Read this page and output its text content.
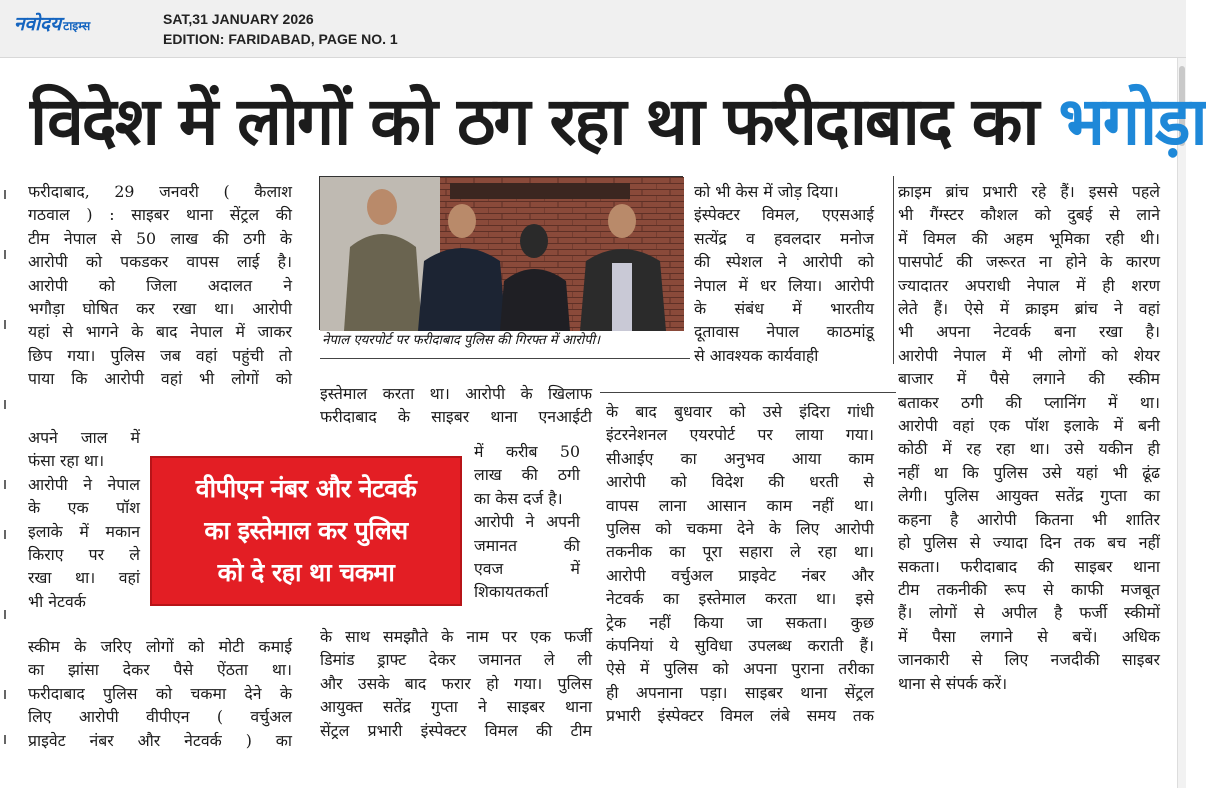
नवोदय टाइम्स	SAT,31 JANUARY 2026
EDITION: FARIDABAD, PAGE NO. 1
विदेश में लोगों को ठग रहा था फरीदाबाद का भगोड़ा

फरीदाबाद, 29 जनवरी ( कैलाश

गठवाल ) : साइबर थाना सेंट्रल की

टीम नेपाल से 50 लाख की ठगी के

आरोपी को पकडकर वापस लाई है।

आरोपी को जिला अदालत ने

भगौड़ा घोषित कर रखा था। आरोपी

यहां से भागने के बाद नेपाल में जाकर

छिप गया। पुलिस जब वहां पहुंची तो

पाया कि आरोपी वहां भी लोगों को

अपने जाल में

फंसा रहा था।

आरोपी ने नेपाल

के एक पॉश

इलाके में मकान

किराए पर ले

रखा था। वहां

भी नेटवर्क

स्कीम के जरिए लोगों को मोटी कमाई

का झांसा देकर पैसे ऐंठता था।

फरीदाबाद पुलिस को चकमा देने के

लिए आरोपी वीपीएन ( वर्चुअल

प्राइवेट नंबर और नेटवर्क ) का

नेपाल एयरपोर्ट पर फरीदाबाद पुलिस की गिरफ्त में आरोपी।

इस्तेमाल करता था। आरोपी के खिलाफ

फरीदाबाद के साइबर थाना एनआईटी

में करीब 50

लाख की ठगी

का केस दर्ज है।

आरोपी ने अपनी

जमानत की

एवज में

शिकायतकर्ता

के साथ समझौते के नाम पर एक फर्जी

डिमांड ड्राफ्ट देकर जमानत ले ली

और उसके बाद फरार हो गया। पुलिस

आयुक्त सतेंद्र गुप्ता ने साइबर थाना

सेंट्रल प्रभारी इंस्पेक्टर विमल की टीम

वीपीएन नंबर और नेटवर्क
का इस्तेमाल कर पुलिस
को दे रहा था चकमा

को भी केस में जोड़ दिया।

इंस्पेक्टर विमल, एएसआई

सत्येंद्र व हवलदार मनोज

की स्पेशल ने आरोपी को

नेपाल में धर लिया। आरोपी

के संबंध में भारतीय

दूतावास नेपाल काठमांडू

से आवश्यक कार्यवाही

के बाद बुधवार को उसे इंदिरा गांधी

इंटरनेशनल एयरपोर्ट पर लाया गया।

सीआईए का अनुभव आया काम

आरोपी को विदेश की धरती से

वापस लाना आसान काम नहीं था।

पुलिस को चकमा देने के लिए आरोपी

तकनीक का पूरा सहारा ले रहा था।

आरोपी वर्चुअल प्राइवेट नंबर और

नेटवर्क का इस्तेमाल करता था। इसे

ट्रेक नहीं किया जा सकता। कुछ

कंपनियां ये सुविधा उपलब्ध कराती हैं।

ऐसे में पुलिस को अपना पुराना तरीका

ही अपनाना पड़ा। साइबर थाना सेंट्रल

प्रभारी इंस्पेक्टर विमल लंबे समय तक

क्राइम ब्रांच प्रभारी रहे हैं। इससे पहले

भी गैंग्स्टर कौशल को दुबई से लाने

में विमल की अहम भूमिका रही थी।

पासपोर्ट की जरूरत ना होने के कारण

ज्यादातर अपराधी नेपाल में ही शरण

लेते हैं। ऐसे में क्राइम ब्रांच ने वहां

भी अपना नेटवर्क बना रखा है।

आरोपी नेपाल में भी लोगों को शेयर

बाजार में पैसे लगाने की स्कीम

बताकर ठगी की प्लानिंग में था।

आरोपी वहां एक पॉश इलाके में बनी

कोठी में रह रहा था। उसे यकीन ही

नहीं था कि पुलिस उसे यहां भी ढूंढ

लेगी। पुलिस आयुक्त सतेंद्र गुप्ता का

कहना है आरोपी कितना भी शातिर

हो पुलिस से ज्यादा दिन तक बच नहीं

सकता। फरीदाबाद की साइबर थाना

टीम तकनीकी रूप से काफी मजबूत

हैं। लोगों से अपील है फर्जी स्कीमों

में पैसा लगाने से बचें। अधिक

जानकारी से लिए नजदीकी साइबर

थाना से संपर्क करें।
